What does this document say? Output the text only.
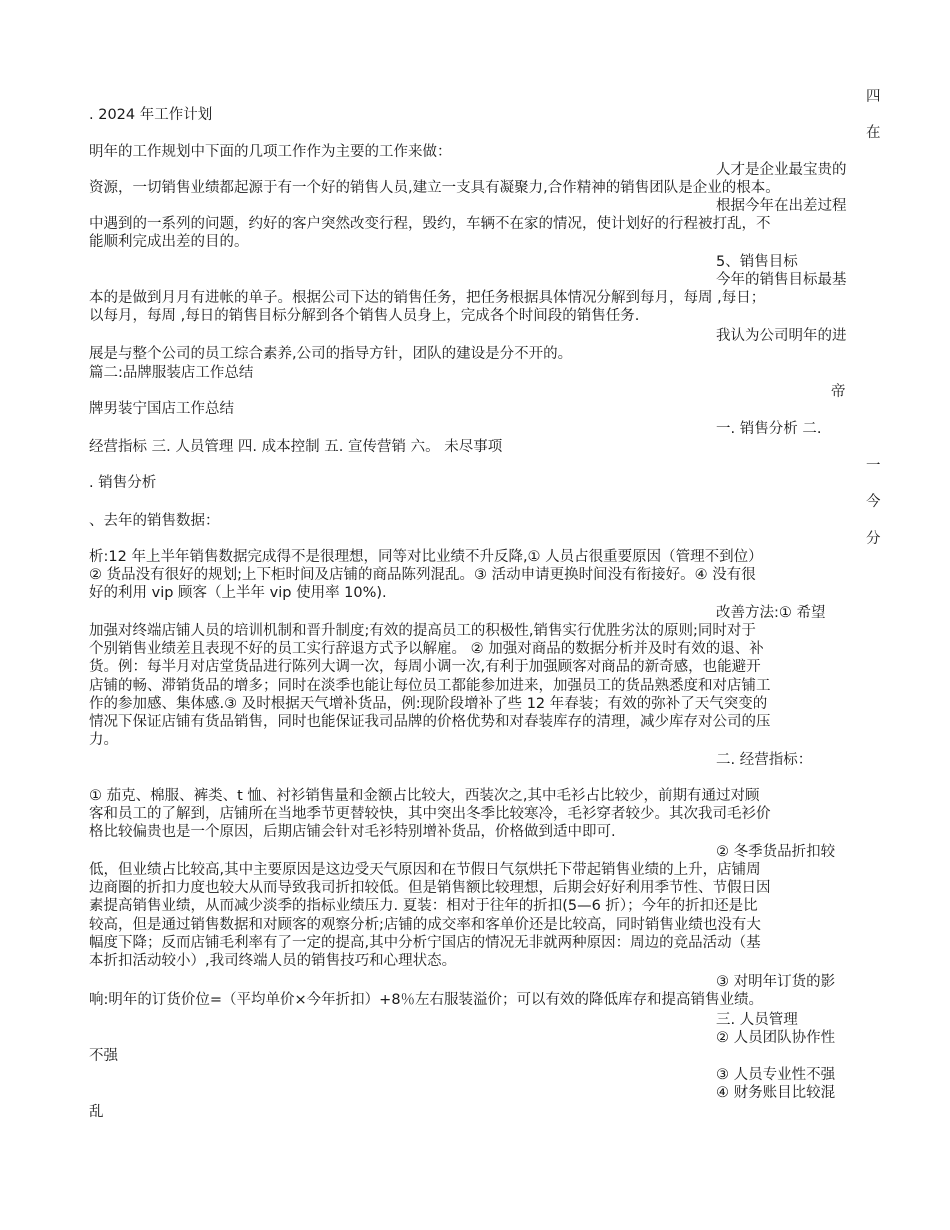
四
. 2024 年工作计划
在
明年的工作规划中下面的几项工作作为主要的工作来做：
人才是企业最宝贵的
资源，一切销售业绩都起源于有一个好的销售人员,建立一支具有凝聚力,合作精神的销售团队是企业的根本。
根据今年在出差过程
中遇到的一系列的问题，约好的客户突然改变行程，毁约，车辆不在家的情况，使计划好的行程被打乱，不
能顺利完成出差的目的。
5、销售目标
今年的销售目标最基
本的是做到月月有进帐的单子。根据公司下达的销售任务，把任务根据具体情况分解到每月，每周 ,每日；
以每月，每周 ,每日的销售目标分解到各个销售人员身上，完成各个时间段的销售任务.
我认为公司明年的进
展是与整个公司的员工综合素养,公司的指导方针，团队的建设是分不开的。
篇二:品牌服装店工作总结
帝
牌男装宁国店工作总结
一. 销售分析 二.
经营指标 三. 人员管理 四. 成本控制 五. 宣传营销 六。 未尽事项
一
. 销售分析
今
、去年的销售数据：
分
析:12 年上半年销售数据完成得不是很理想，同等对比业绩不升反降,① 人员占很重要原因（管理不到位）
② 货品没有很好的规划;上下柜时间及店铺的商品陈列混乱。③ 活动申请更换时间没有衔接好。④ 没有很
好的利用 vip 顾客（上半年 vip 使用率 10%).
改善方法:① 希望
加强对终端店铺人员的培训机制和晋升制度;有效的提高员工的积极性,销售实行优胜劣汰的原则;同时对于
个别销售业绩差且表现不好的员工实行辞退方式予以解雇。 ② 加强对商品的数据分析并及时有效的退、补
货。例：每半月对店堂货品进行陈列大调一次，每周小调一次,有利于加强顾客对商品的新奇感，也能避开
店铺的畅、滞销货品的增多；同时在淡季也能让每位员工都能参加进来，加强员工的货品熟悉度和对店铺工
作的参加感、集体感.③ 及时根据天气增补货品，例:现阶段增补了些 12 年春装；有效的弥补了天气突变的
情况下保证店铺有货品销售，同时也能保证我司品牌的价格优势和对春装库存的清理，减少库存对公司的压
力。
二. 经营指标：
① 茄克、棉服、裤类、t 恤、衬衫销售量和金额占比较大，西装次之,其中毛衫占比较少，前期有通过对顾
客和员工的了解到，店铺所在当地季节更替较快，其中突出冬季比较寒冷，毛衫穿者较少。其次我司毛衫价
格比较偏贵也是一个原因，后期店铺会针对毛衫特别增补货品，价格做到适中即可.
② 冬季货品折扣较
低，但业绩占比较高,其中主要原因是这边受天气原因和在节假日气氛烘托下带起销售业绩的上升，店铺周
边商圈的折扣力度也较大从而导致我司折扣较低。但是销售额比较理想，后期会好好利用季节性、节假日因
素提高销售业绩，从而减少淡季的指标业绩压力. 夏装：相对于往年的折扣(5—6 折）；今年的折扣还是比
较高，但是通过销售数据和对顾客的观察分析;店铺的成交率和客单价还是比较高，同时销售业绩也没有大
幅度下降；反而店铺毛利率有了一定的提高,其中分析宁国店的情况无非就两种原因：周边的竞品活动（基
本折扣活动较小）,我司终端人员的销售技巧和心理状态。
③ 对明年订货的影
响:明年的订货价位=（平均单价×今年折扣）+8％左右服装溢价；可以有效的降低库存和提高销售业绩。
三. 人员管理
② 人员团队协作性
不强
③ 人员专业性不强
④ 财务账目比较混
乱
